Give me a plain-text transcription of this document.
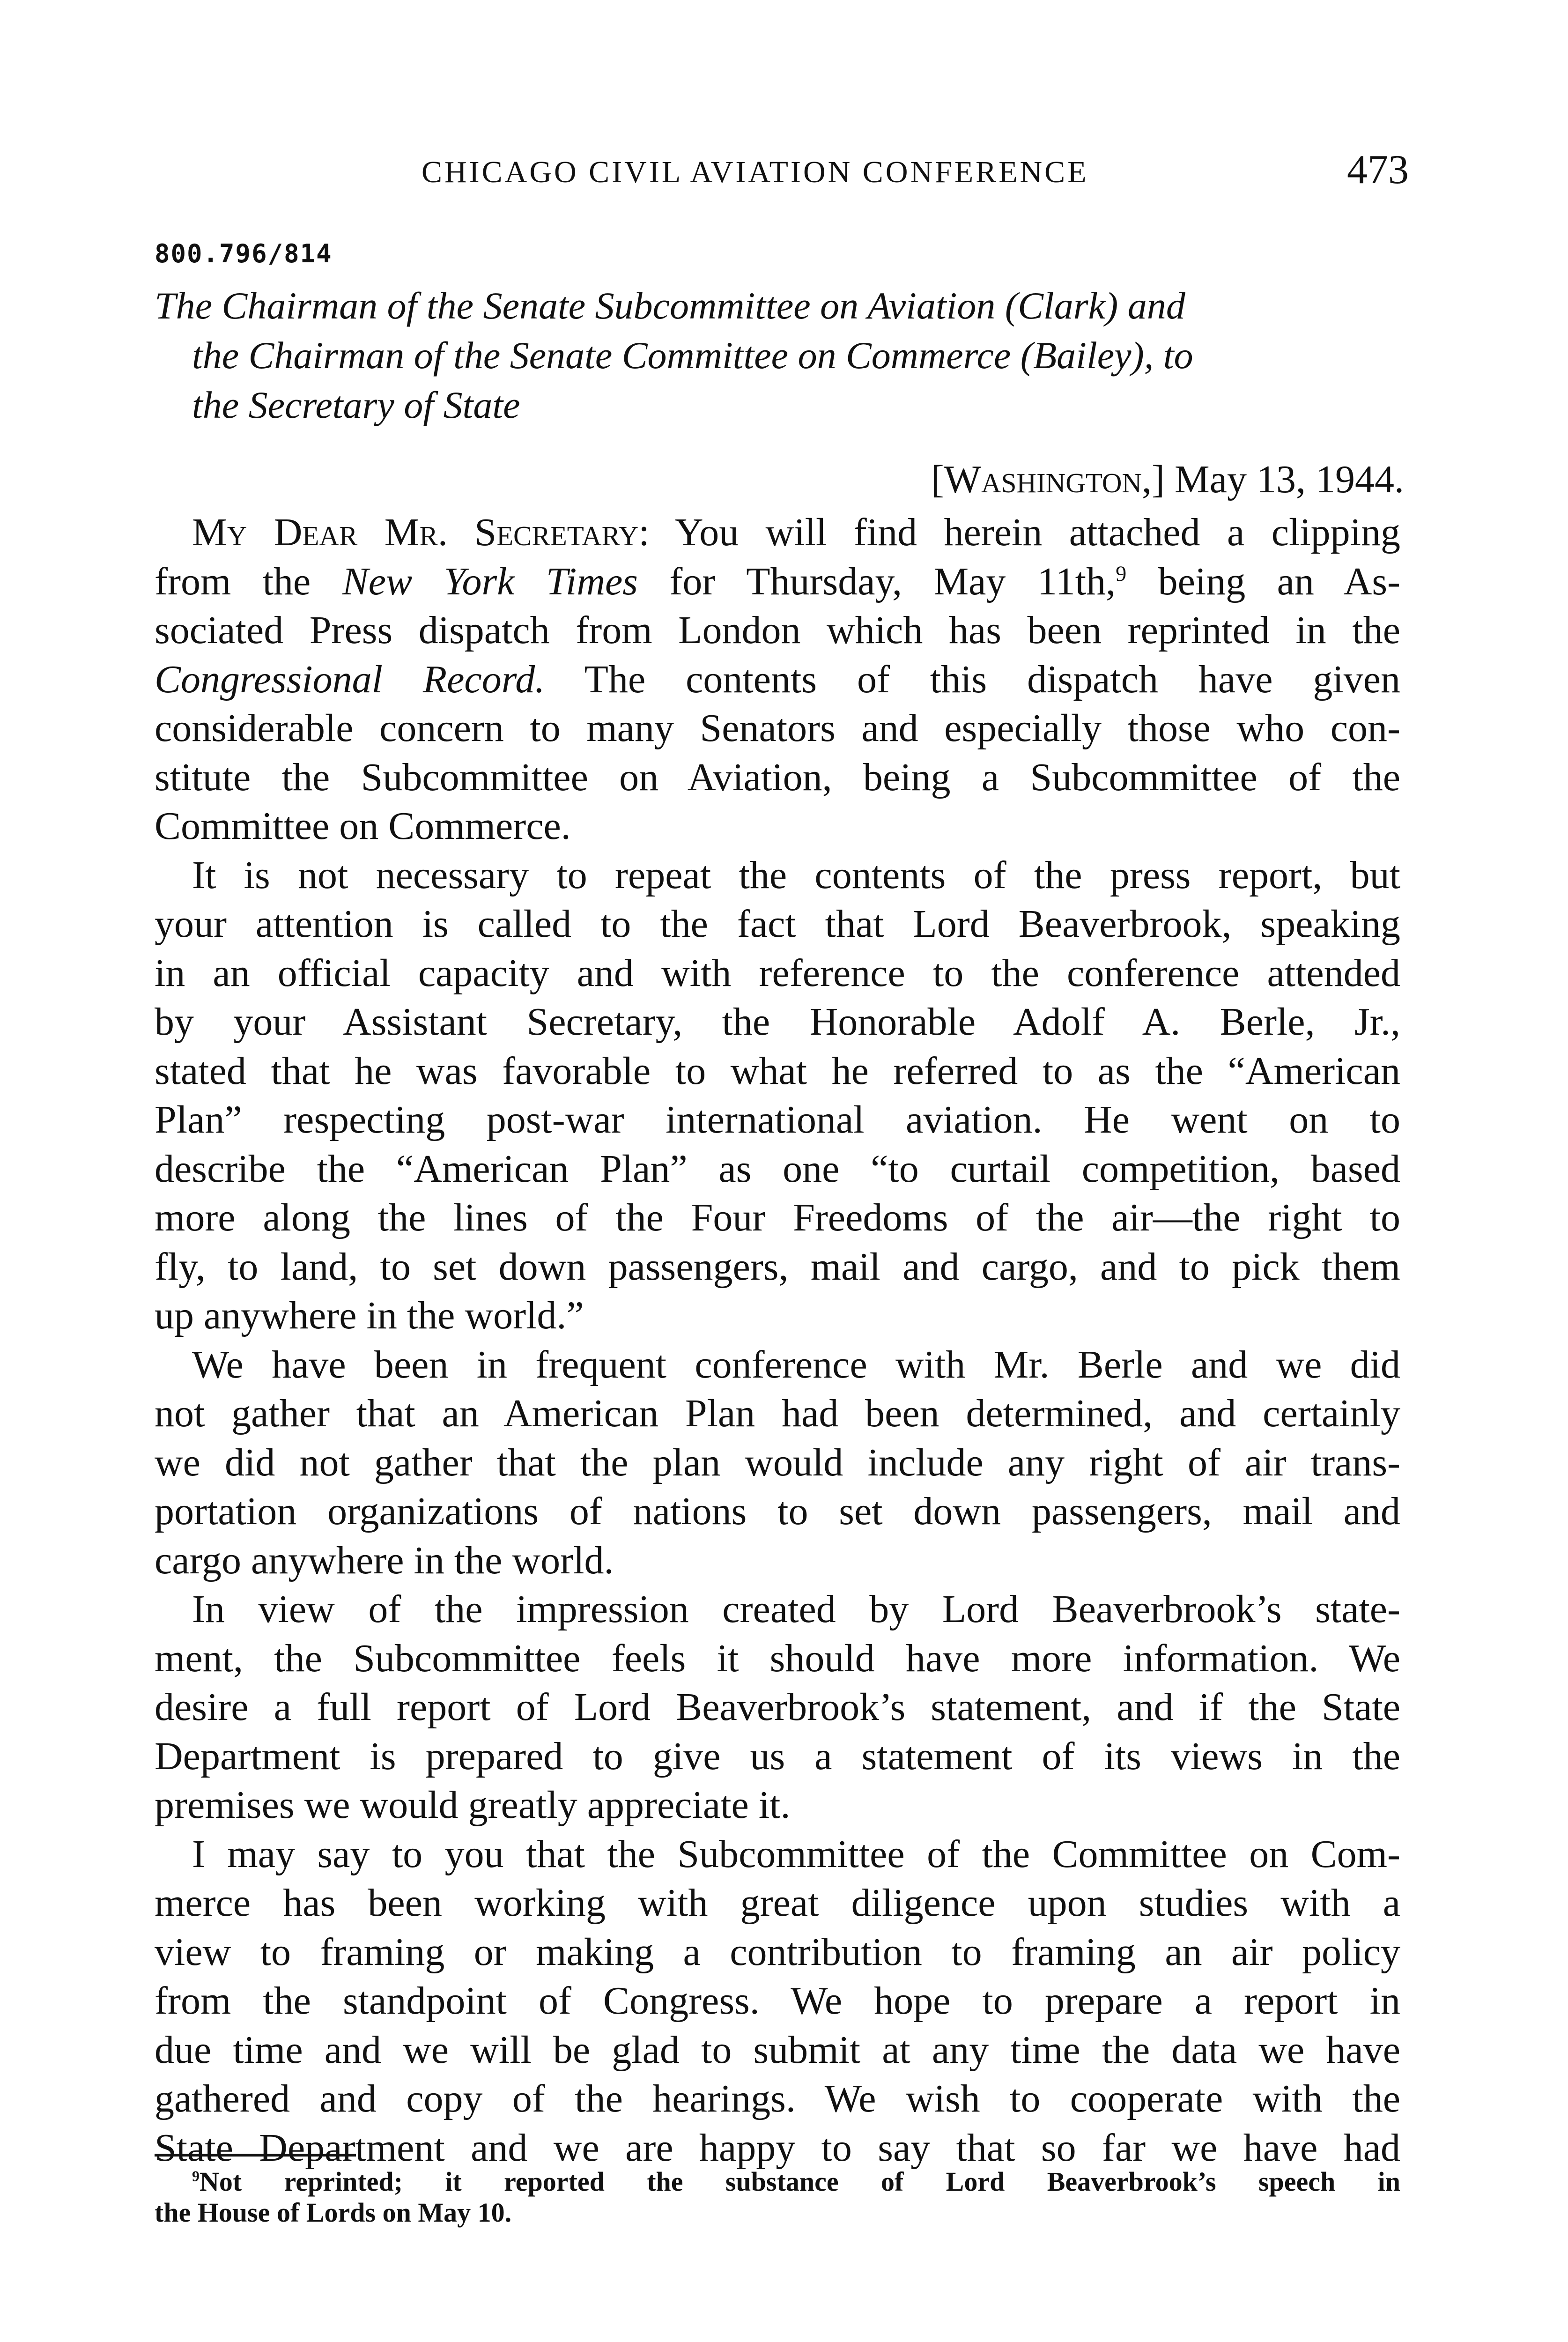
CHICAGO CIVIL AVIATION CONFERENCE	473
800.796/814
The Chairman of the Senate Subcommittee on Aviation (Clark) and
the Chairman of the Senate Committee on Commerce (Bailey), to
the Secretary of State
[Washington,] May 13, 1944.
My Dear Mr. Secretary: You will find herein attached a clipping
from the New York Times for Thursday, May 11th,$^9$ being an As-
sociated Press dispatch from London which has been reprinted in the
Congressional Record. The contents of this dispatch have given
considerable concern to many Senators and especially those who con-
stitute the Subcommittee on Aviation, being a Subcommittee of the
Committee on Commerce.
It is not necessary to repeat the contents of the press report, but
your attention is called to the fact that Lord Beaverbrook, speaking
in an official capacity and with reference to the conference attended
by your Assistant Secretary, the Honorable Adolf A. Berle, Jr.,
stated that he was favorable to what he referred to as the “American
Plan” respecting post-war international aviation. He went on to
describe the “American Plan” as one “to curtail competition, based
more along the lines of the Four Freedoms of the air—the right to
fly, to land, to set down passengers, mail and cargo, and to pick them
up anywhere in the world.”
We have been in frequent conference with Mr. Berle and we did
not gather that an American Plan had been determined, and certainly
we did not gather that the plan would include any right of air trans-
portation organizations of nations to set down passengers, mail and
cargo anywhere in the world.
In view of the impression created by Lord Beaverbrook’s state-
ment, the Subcommittee feels it should have more information. We
desire a full report of Lord Beaverbrook’s statement, and if the State
Department is prepared to give us a statement of its views in the
premises we would greatly appreciate it.
I may say to you that the Subcommittee of the Committee on Com-
merce has been working with great diligence upon studies with a
view to framing or making a contribution to framing an air policy
from the standpoint of Congress. We hope to prepare a report in
due time and we will be glad to submit at any time the data we have
gathered and copy of the hearings. We wish to cooperate with the
State Department and we are happy to say that so far we have had
$^9$Not reprinted; it reported the substance of Lord Beaverbrook’s speech in
the House of Lords on May 10.
